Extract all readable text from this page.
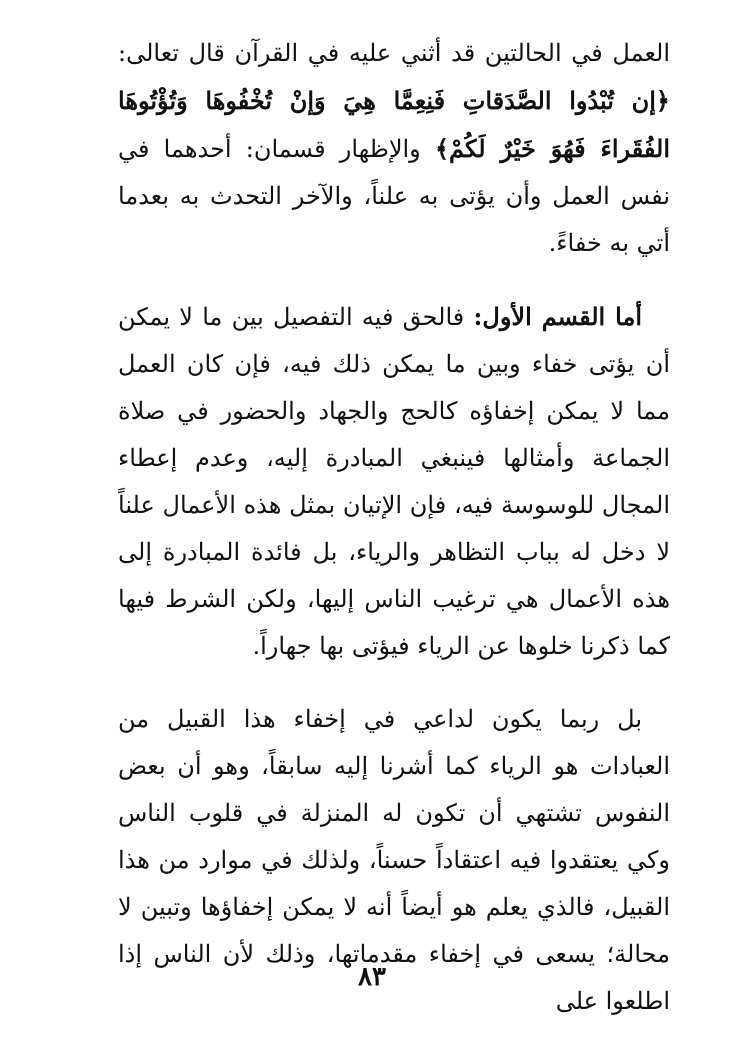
العمل في الحالتين قد أثني عليه في القرآن قال تعالى: ﴿إن تُبْدُوا الصَّدَقاتِ فَنِعِمَّا هِيَ وَإنْ تُخْفُوهَا وَتُؤْتُوهَا الفُقَراءَ فَهُوَ خَيْرٌ لَكُمْ﴾ والإظهار قسمان: أحدهما في نفس العمل وأن يؤتى به علناً، والآخر التحدث به بعدما أتي به خفاءً.

أما القسم الأول: فالحق فيه التفصيل بين ما لا يمكن أن يؤتى خفاء وبين ما يمكن ذلك فيه، فإن كان العمل مما لا يمكن إخفاؤه كالحج والجهاد والحضور في صلاة الجماعة وأمثالها فينبغي المبادرة إليه، وعدم إعطاء المجال للوسوسة فيه، فإن الإتيان بمثل هذه الأعمال علناً لا دخل له بباب التظاهر والرياء، بل فائدة المبادرة إلى هذه الأعمال هي ترغيب الناس إليها، ولكن الشرط فيها كما ذكرنا خلوها عن الرياء فيؤتى بها جهاراً.

بل ربما يكون لداعي في إخفاء هذا القبيل من العبادات هو الرياء كما أشرنا إليه سابقاً، وهو أن بعض النفوس تشتهي أن تكون له المنزلة في قلوب الناس وكي يعتقدوا فيه اعتقاداً حسناً، ولذلك في موارد من هذا القبيل، فالذي يعلم هو أيضاً أنه لا يمكن إخفاؤها وتبين لا محالة؛ يسعى في إخفاء مقدماتها، وذلك لأن الناس إذا اطلعوا على

٨٣
